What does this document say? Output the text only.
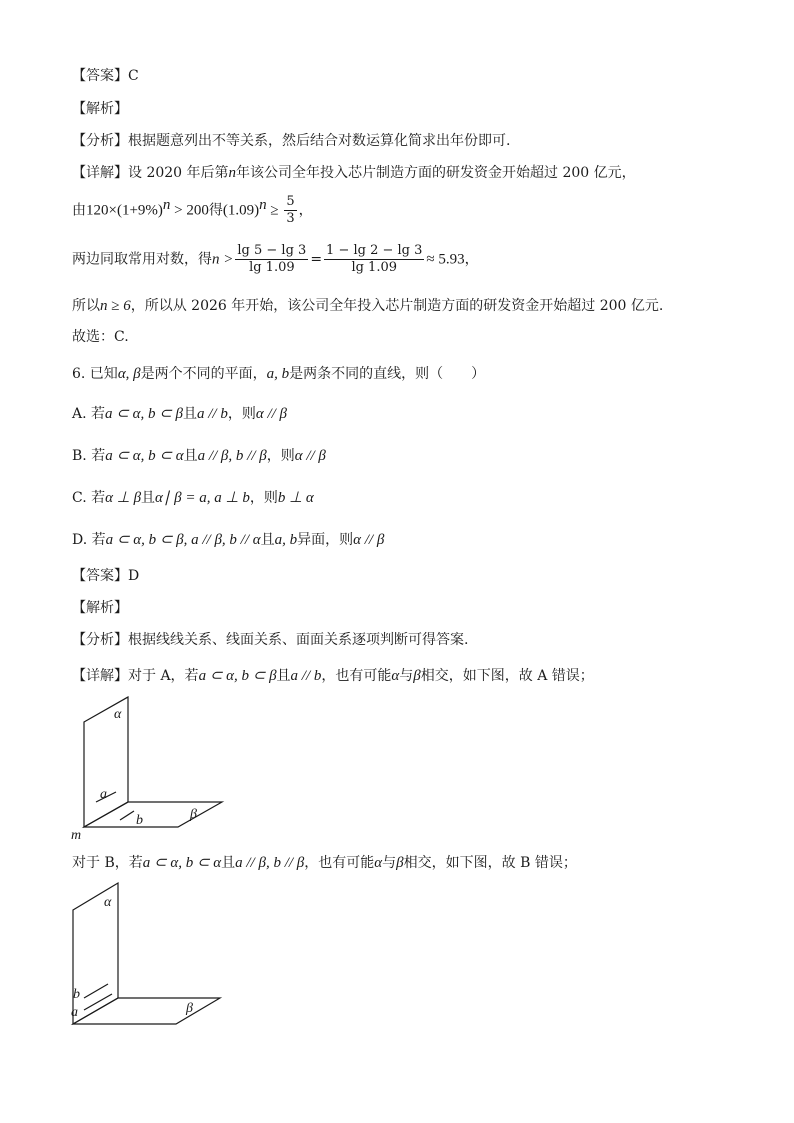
【答案】C
【解析】
【分析】根据题意列出不等关系，然后结合对数运算化简求出年份即可.
【详解】设 2020 年后第n年该公司全年投入芯片制造方面的研发资金开始超过 200 亿元，
由$120\times(1+9\%)^n > 200$得$(1.09)^n \ge \frac{5}{3}$ ，
两边同取常用对数，得$n > \frac{\lg 5 - \lg 3}{\lg 1.09} = \frac{1 - \lg 2 - \lg 3}{\lg 1.09} \approx 5.93$，
所以n ≥ 6，所以从 2026 年开始，该公司全年投入芯片制造方面的研发资金开始超过 200 亿元.
故选：C.
6. 已知α, β是两个不同的平面，a, b是两条不同的直线，则（　　）
A. 若a ⊂ α, b ⊂ β且a // b，则α // β
B. 若a ⊂ α, b ⊂ α且a // β, b // β，则α // β
C. 若α ⊥ β且α∣ β = a, a ⊥ b，则b ⊥ α
D. 若a ⊂ α, b ⊂ β, a // β, b // α且a, b异面，则α // β
【答案】D
【解析】
【分析】根据线线关系、线面关系、面面关系逐项判断可得答案.
【详解】对于 A，若a ⊂ α, b ⊂ β且a // b，也有可能α与β相交，如下图，故 A 错误；
α
β
a
b
m
对于 B，若a ⊂ α, b ⊂ α且a // β, b // β，也有可能α与β相交，如下图，故 B 错误；
α
β
b
a
